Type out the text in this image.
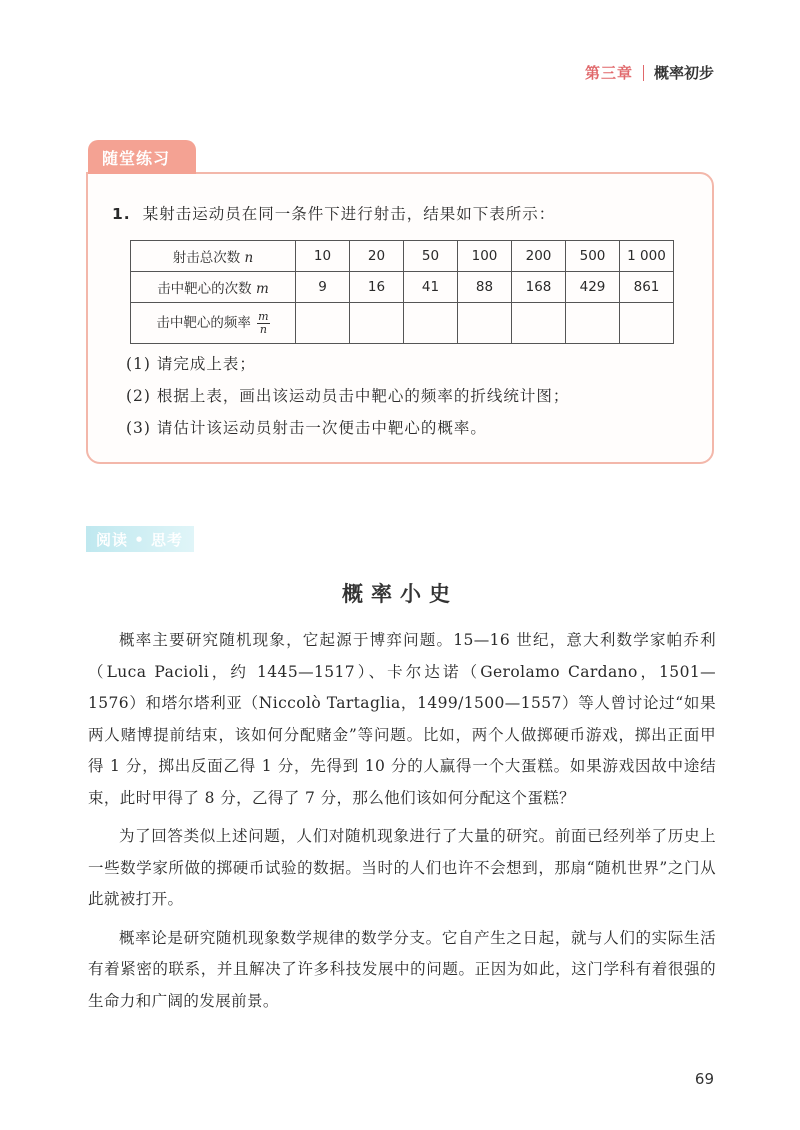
第三章 概率初步
随堂练习
1. 某射击运动员在同一条件下进行射击，结果如下表所示：
射击总次数 n	10	20	50	100	200	500	1 000
击中靶心的次数 m	9	16	41	88	168	429	861
击中靶心的频率 $\frac{m}{n}$

(1) 请完成上表；
(2) 根据上表，画出该运动员击中靶心的频率的折线统计图；
(3) 请估计该运动员射击一次便击中靶心的概率。
阅读 • 思考
概率小史

概率主要研究随机现象，它起源于博弈问题。15—16 世纪，意大利数学家帕乔利（Luca Pacioli，约 1445—1517）、卡尔达诺（Gerolamo Cardano，1501—1576）和塔尔塔利亚（Niccolò Tartaglia，1499/1500—1557）等人曾讨论过“如果两人赌博提前结束，该如何分配赌金”等问题。比如，两个人做掷硬币游戏，掷出正面甲得 1 分，掷出反面乙得 1 分，先得到 10 分的人赢得一个大蛋糕。如果游戏因故中途结束，此时甲得了 8 分，乙得了 7 分，那么他们该如何分配这个蛋糕？

为了回答类似上述问题，人们对随机现象进行了大量的研究。前面已经列举了历史上一些数学家所做的掷硬币试验的数据。当时的人们也许不会想到，那扇“随机世界”之门从此就被打开。

概率论是研究随机现象数学规律的数学分支。它自产生之日起，就与人们的实际生活有着紧密的联系，并且解决了许多科技发展中的问题。正因为如此，这门学科有着很强的生命力和广阔的发展前景。

69
